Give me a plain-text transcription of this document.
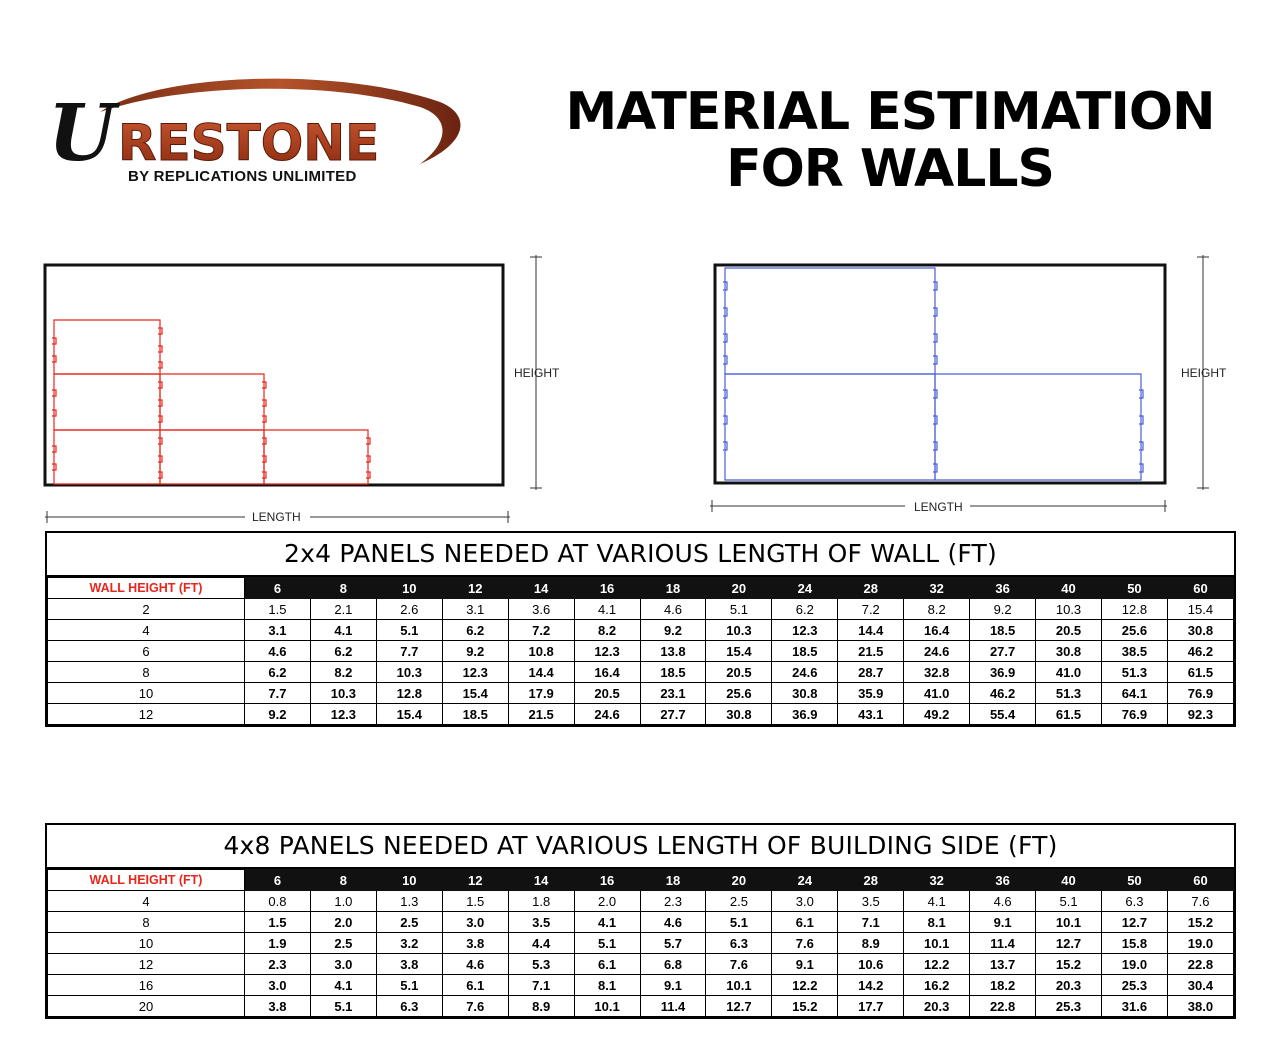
U RESTONE
BY REPLICATIONS UNLIMITED
MATERIAL ESTIMATION
FOR WALLS
HEIGHT
LENGTH
HEIGHT
LENGTH
2x4 PANELS NEEDED AT VARIOUS LENGTH OF WALL (FT)
WALL HEIGHT (FT)	6	8	10	12	14	16	18	20	24	28	32	36	40	50	60
2	1.5	2.1	2.6	3.1	3.6	4.1	4.6	5.1	6.2	7.2	8.2	9.2	10.3	12.8	15.4
4	3.1	4.1	5.1	6.2	7.2	8.2	9.2	10.3	12.3	14.4	16.4	18.5	20.5	25.6	30.8
6	4.6	6.2	7.7	9.2	10.8	12.3	13.8	15.4	18.5	21.5	24.6	27.7	30.8	38.5	46.2
8	6.2	8.2	10.3	12.3	14.4	16.4	18.5	20.5	24.6	28.7	32.8	36.9	41.0	51.3	61.5
10	7.7	10.3	12.8	15.4	17.9	20.5	23.1	25.6	30.8	35.9	41.0	46.2	51.3	64.1	76.9
12	9.2	12.3	15.4	18.5	21.5	24.6	27.7	30.8	36.9	43.1	49.2	55.4	61.5	76.9	92.3
4x8 PANELS NEEDED AT VARIOUS LENGTH OF BUILDING SIDE (FT)
WALL HEIGHT (FT)	6	8	10	12	14	16	18	20	24	28	32	36	40	50	60
4	0.8	1.0	1.3	1.5	1.8	2.0	2.3	2.5	3.0	3.5	4.1	4.6	5.1	6.3	7.6
8	1.5	2.0	2.5	3.0	3.5	4.1	4.6	5.1	6.1	7.1	8.1	9.1	10.1	12.7	15.2
10	1.9	2.5	3.2	3.8	4.4	5.1	5.7	6.3	7.6	8.9	10.1	11.4	12.7	15.8	19.0
12	2.3	3.0	3.8	4.6	5.3	6.1	6.8	7.6	9.1	10.6	12.2	13.7	15.2	19.0	22.8
16	3.0	4.1	5.1	6.1	7.1	8.1	9.1	10.1	12.2	14.2	16.2	18.2	20.3	25.3	30.4
20	3.8	5.1	6.3	7.6	8.9	10.1	11.4	12.7	15.2	17.7	20.3	22.8	25.3	31.6	38.0
